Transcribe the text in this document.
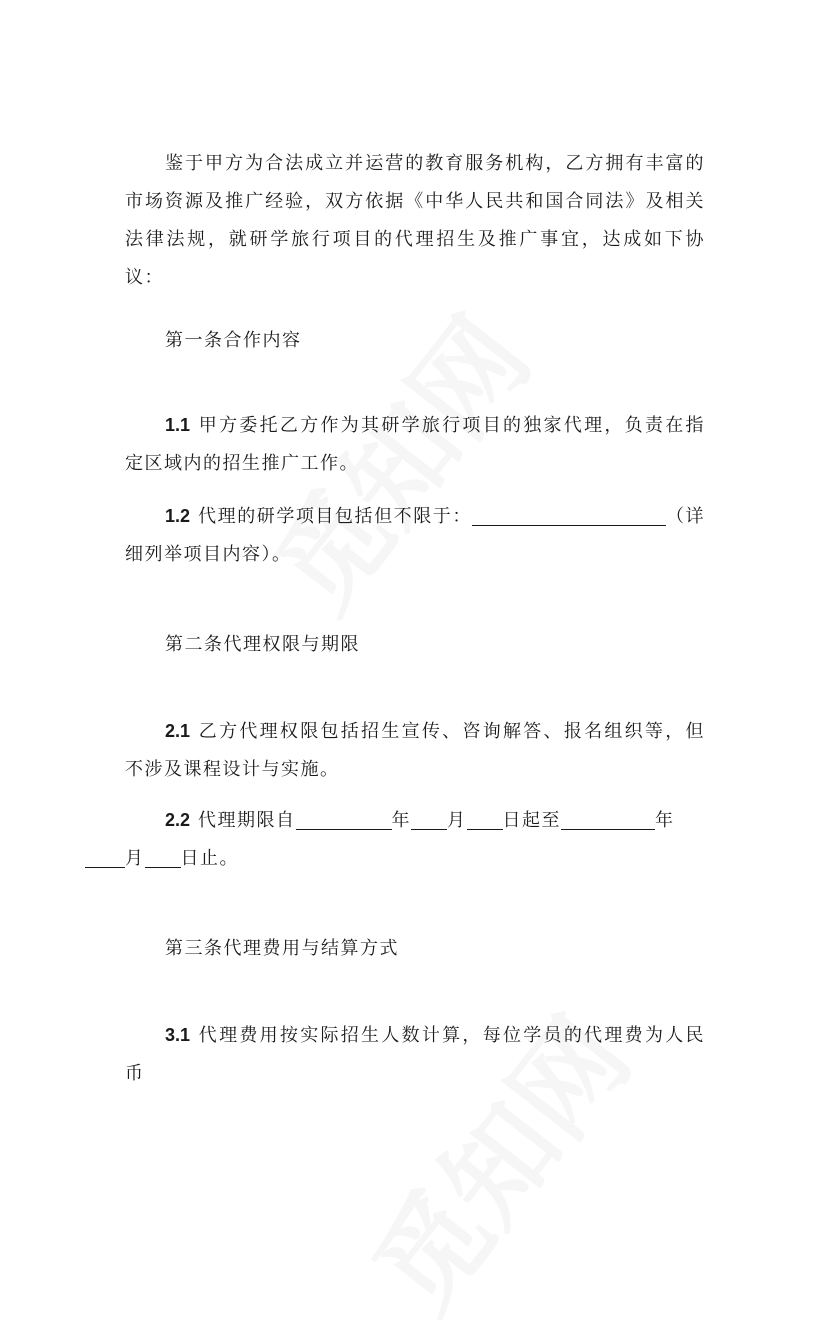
鉴于甲方为合法成立并运营的教育服务机构，乙方拥有丰富的市场资源及推广经验，双方依据《中华人民共和国合同法》及相关法律法规，就研学旅行项目的代理招生及推广事宜，达成如下协议：
第一条合作内容
1.1 甲方委托乙方作为其研学旅行项目的独家代理，负责在指定区域内的招生推广工作。
1.2 代理的研学项目包括但不限于：	（详细列举项目内容）。
第二条代理权限与期限
2.1 乙方代理权限包括招生宣传、咨询解答、报名组织等，但不涉及课程设计与实施。
2.2 代理期限自	年 月 日起至	年
月 日止。
第三条代理费用与结算方式
3.1 代理费用按实际招生人数计算，每位学员的代理费为人民币
